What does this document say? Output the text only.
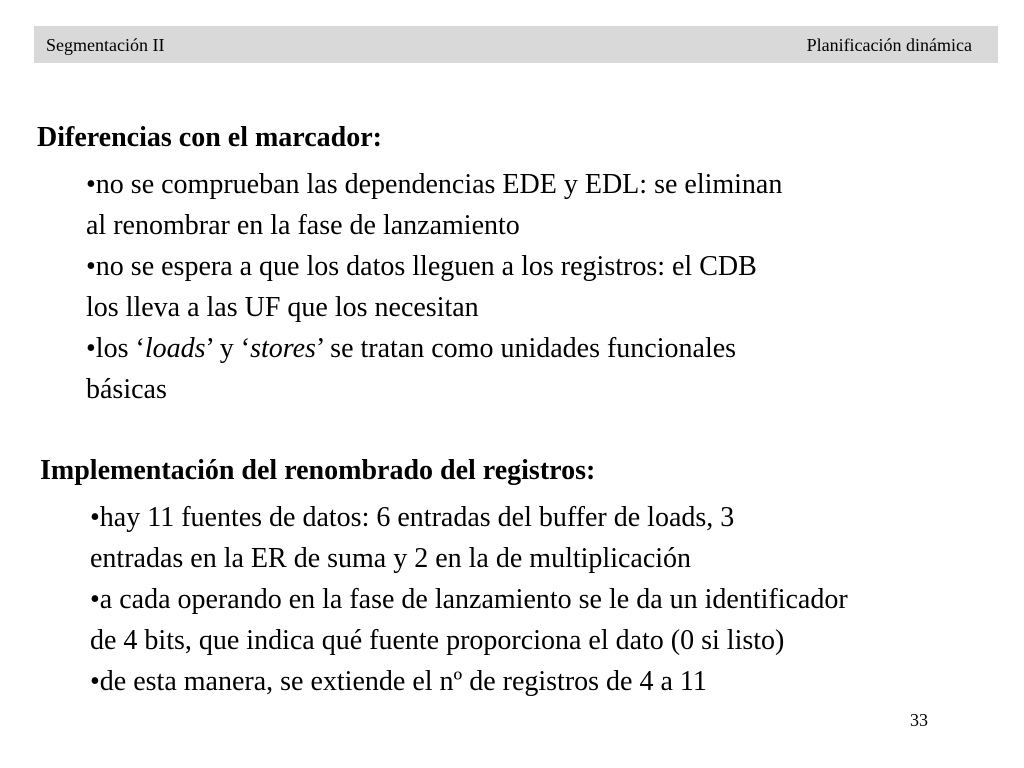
Segmentación II	Planificación dinámica
Diferencias con el marcador:
•no se comprueban las dependencias EDE y EDL: se eliminan
al renombrar en la fase de lanzamiento
•no se espera a que los datos lleguen a los registros: el CDB
los lleva a las UF que los necesitan
•los ‘loads’ y ‘stores’ se tratan como unidades funcionales
básicas
Implementación del renombrado del registros:
•hay 11 fuentes de datos: 6 entradas del buffer de loads, 3
entradas en la ER de suma y 2 en la de multiplicación
•a cada operando en la fase de lanzamiento se le da un identificador
de 4 bits, que indica qué fuente proporciona el dato (0 si listo)
•de esta manera, se extiende el nº de registros de 4 a 11
33
